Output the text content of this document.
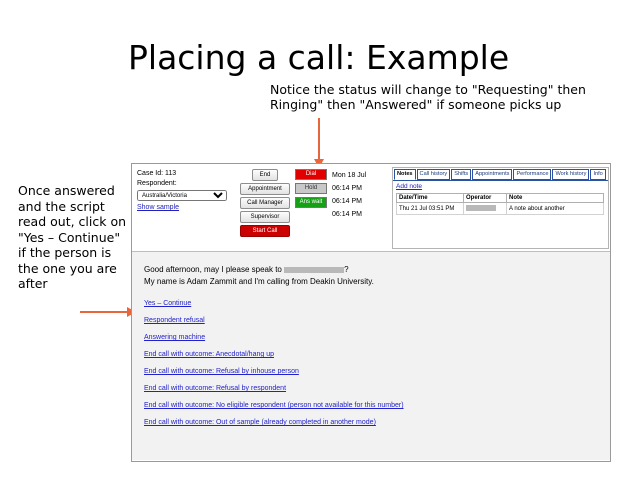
Placing a call: Example
Notice the status will change to "Requesting" then Ringing" then "Answered" if someone picks up
Once answered and the script read out, click on "Yes – Continue" if the person is the one you are after
Case Id: 113
Respondent:
Australia/Victoria
Show sample
End
Appointment
Call Manager
Supervisor
Start Call
Dial
Hold
Ans wait
Mon 18 Jul
06:14 PM
06:14 PM
06:14 PM
Notes	Call history	Shifts	Appointments	Performance	Work history	Info
Add note
Date/Time	Operator	Note
Thu 21 Jul 03:51 PM		A note about another
Good afternoon, may I please speak to	?
My name is Adam Zammit and I'm calling from Deakin University.
Yes – Continue
Respondent refusal
Answering machine
End call with outcome: Anecdotal/hang up
End call with outcome: Refusal by inhouse person
End call with outcome: Refusal by respondent
End call with outcome: No eligible respondent (person not available for this number)
End call with outcome: Out of sample (already completed in another mode)
